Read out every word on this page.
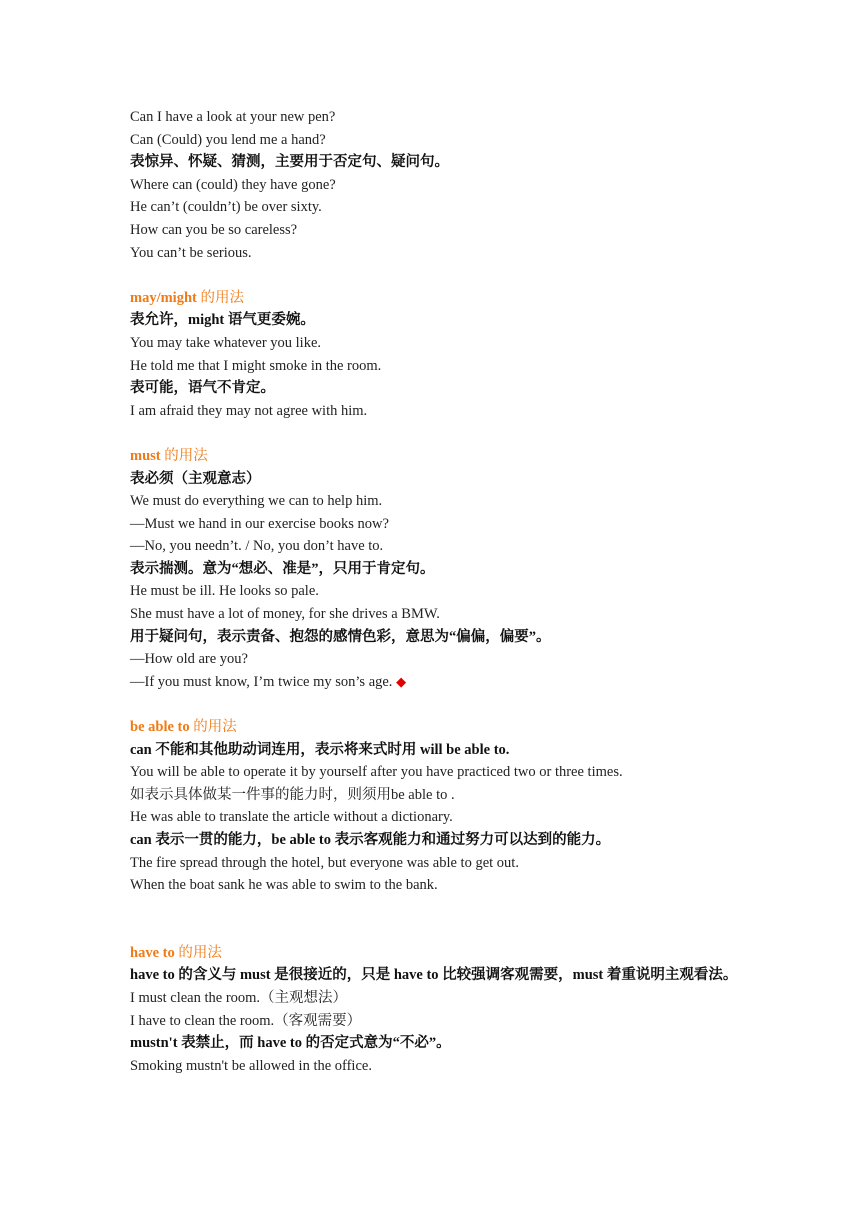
Can I have a look at your new pen?
Can (Could) you lend me a hand?
表惊异、怀疑、猜测，主要用于否定句、疑问句。
Where can (could) they have gone?
He can’t (couldn’t) be over sixty.
How can you be so careless?
You can’t be serious.
may/might 的用法
表允许，might 语气更委婉。
You may take whatever you like.
He told me that I might smoke in the room.
表可能，语气不肯定。
I am afraid they may not agree with him.
must 的用法
表必须（主观意志）
We must do everything we can to help him.
—Must we hand in our exercise books now?
—No, you needn’t. / No, you don’t have to.
表示揣测。意为“想必、准是”，只用于肯定句。
He must be ill. He looks so pale.
She must have a lot of money, for she drives a BMW.
用于疑问句，表示责备、抱怨的感情色彩，意思为“偏偏，偏要”。
—How old are you?
—If you must know, I’m twice my son’s age. ◆
be able to 的用法
can 不能和其他助动词连用，表示将来式时用 will be able to.
You will be able to operate it by yourself after you have practiced two or three times.
如表示具体做某一件事的能力时，则须用be able to .
He was able to translate the article without a dictionary.
can 表示一贯的能力，be able to 表示客观能力和通过努力可以达到的能力。
The fire spread through the hotel, but everyone was able to get out.
When the boat sank he was able to swim to the bank.
have to 的用法
have to 的含义与 must 是很接近的，只是 have to 比较强调客观需要，must 着重说明主观看法。
I must clean the room.（主观想法）
I have to clean the room.（客观需要）
mustn't 表禁止，而 have to 的否定式意为“不必”。
Smoking mustn't be allowed in the office.
